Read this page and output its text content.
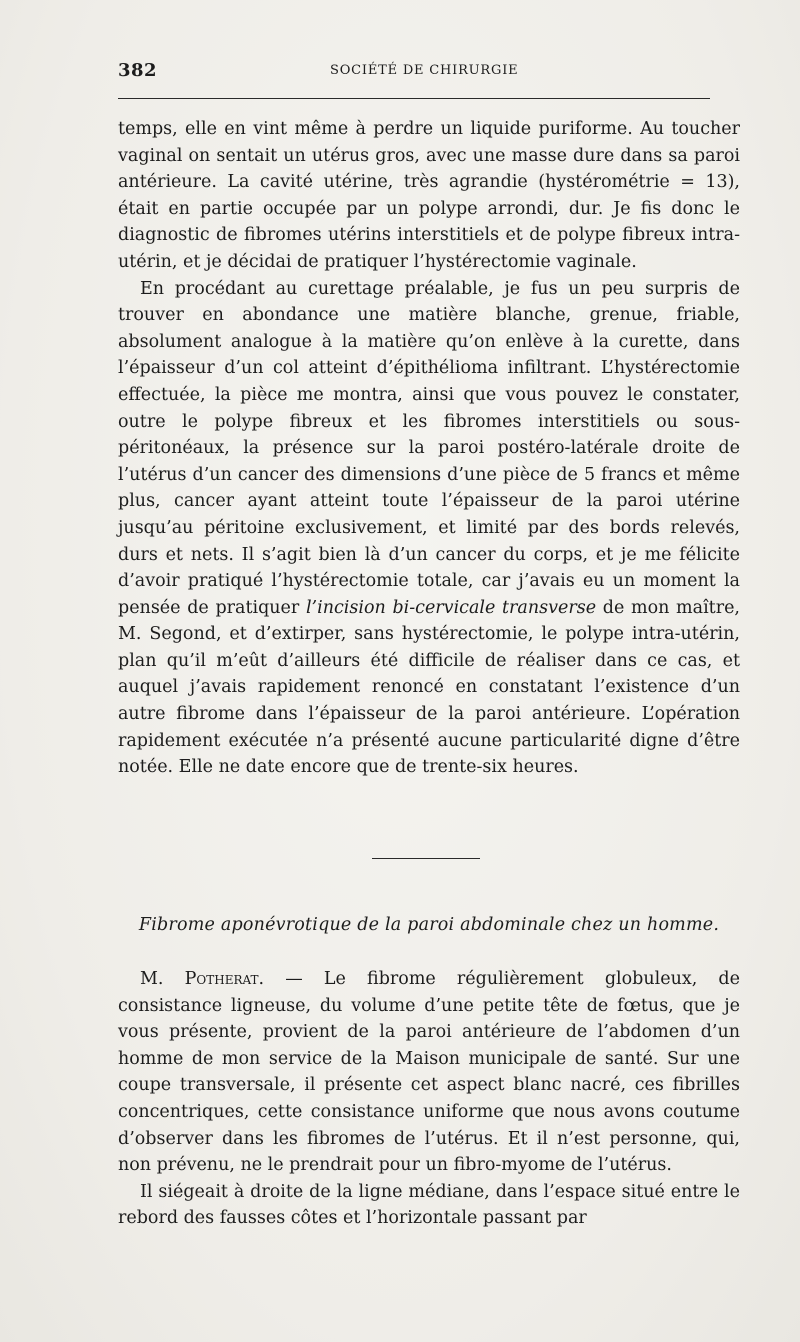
382	SOCIÉTÉ DE CHIRURGIE

temps, elle en vint même à perdre un liquide puriforme. Au toucher vaginal on sentait un utérus gros, avec une masse dure dans sa paroi antérieure. La cavité utérine, très agrandie (hystérométrie = 13), était en partie occupée par un polype arrondi, dur. Je fis donc le diagnostic de fibromes utérins interstitiels et de polype fibreux intra-utérin, et je décidai de pratiquer l’hystérectomie vaginale.

En procédant au curettage préalable, je fus un peu surpris de trouver en abondance une matière blanche, grenue, friable, absolument analogue à la matière qu’on enlève à la curette, dans l’épaisseur d’un col atteint d’épithélioma infiltrant. L’hystérectomie effectuée, la pièce me montra, ainsi que vous pouvez le constater, outre le polype fibreux et les fibromes interstitiels ou sous-péritonéaux, la présence sur la paroi postéro-latérale droite de l’utérus d’un cancer des dimensions d’une pièce de 5 francs et même plus, cancer ayant atteint toute l’épaisseur de la paroi utérine jusqu’au péritoine exclusivement, et limité par des bords relevés, durs et nets. Il s’agit bien là d’un cancer du corps, et je me félicite d’avoir pratiqué l’hystérectomie totale, car j’avais eu un moment la pensée de pratiquer l’incision bi-cervicale transverse de mon maître, M. Segond, et d’extirper, sans hystérectomie, le polype intra-utérin, plan qu’il m’eût d’ailleurs été difficile de réaliser dans ce cas, et auquel j’avais rapidement renoncé en constatant l’existence d’un autre fibrome dans l’épaisseur de la paroi antérieure. L’opération rapidement exécutée n’a présenté aucune particularité digne d’être notée. Elle ne date encore que de trente-six heures.

Fibrome aponévrotique de la paroi abdominale chez un homme.

M. Potherat. — Le fibrome régulièrement globuleux, de consistance ligneuse, du volume d’une petite tête de fœtus, que je vous présente, provient de la paroi antérieure de l’abdomen d’un homme de mon service de la Maison municipale de santé. Sur une coupe transversale, il présente cet aspect blanc nacré, ces fibrilles concentriques, cette consistance uniforme que nous avons coutume d’observer dans les fibromes de l’utérus. Et il n’est personne, qui, non prévenu, ne le prendrait pour un fibro-myome de l’utérus.

Il siégeait à droite de la ligne médiane, dans l’espace situé entre le rebord des fausses côtes et l’horizontale passant par
